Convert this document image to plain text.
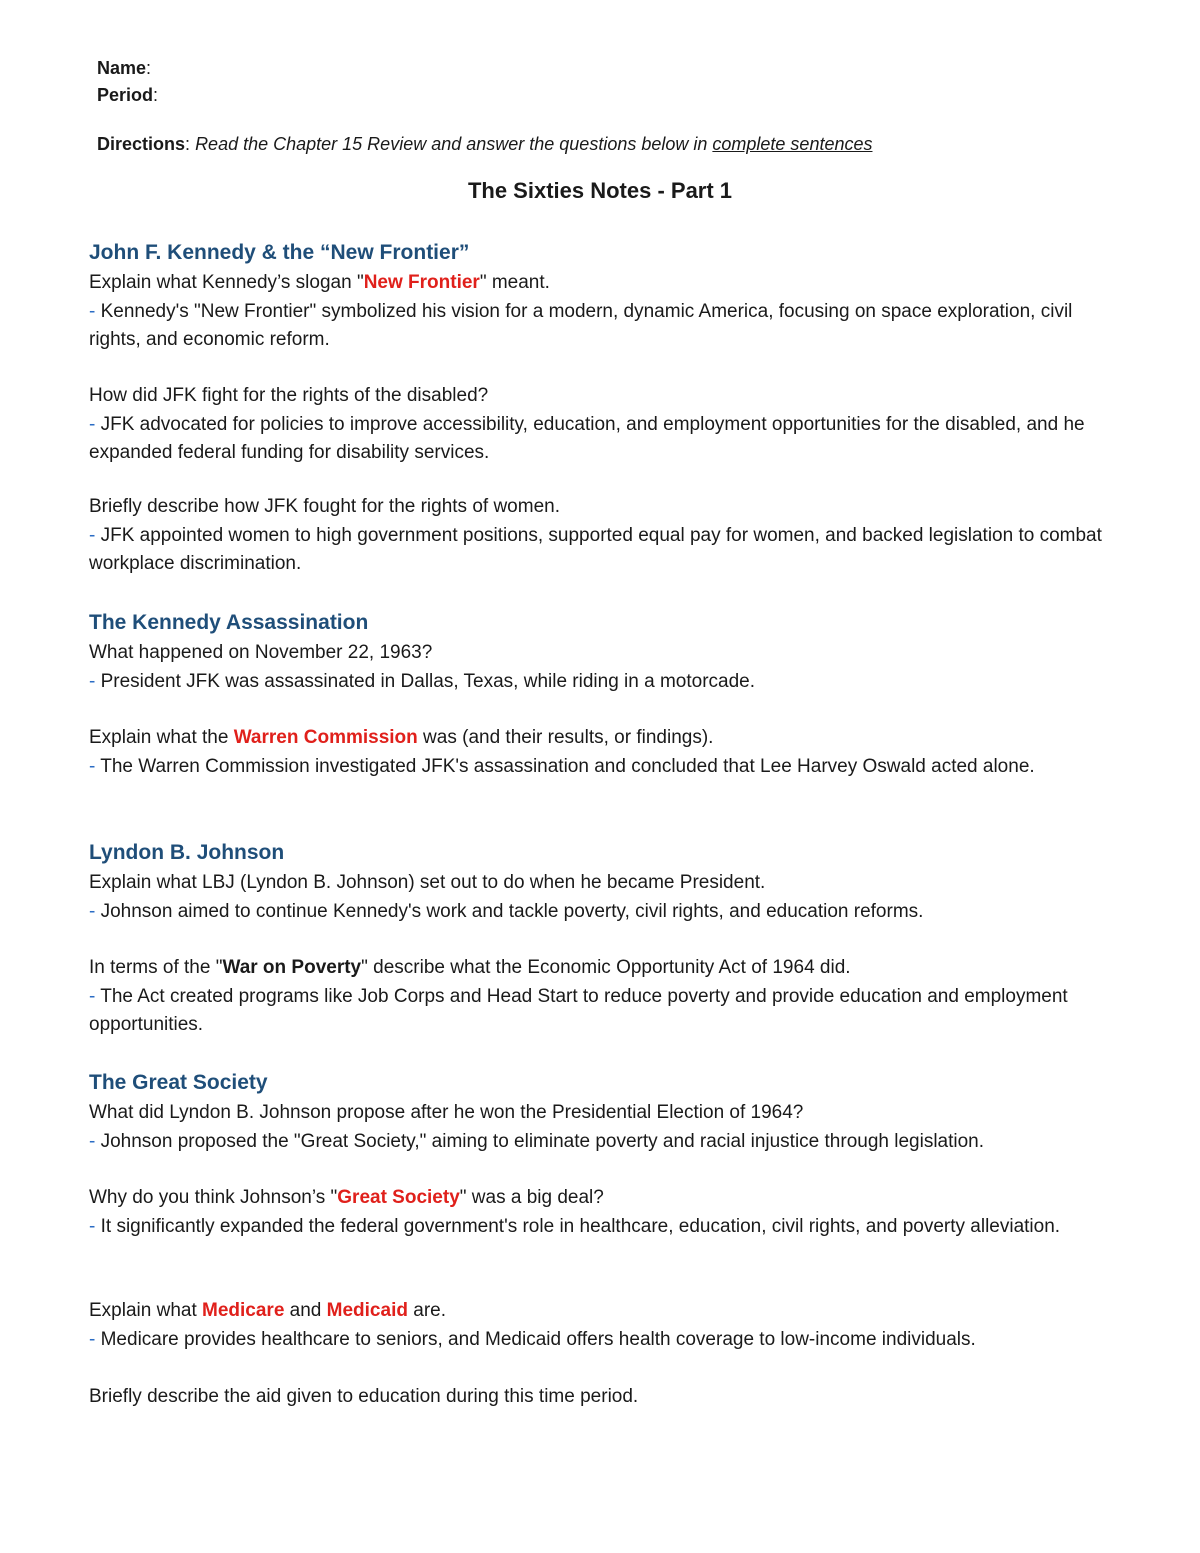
Name:
Period:
Directions: Read the Chapter 15 Review and answer the questions below in complete sentences
The Sixties Notes - Part 1

John F. Kennedy & the “New Frontier”

Explain what Kennedy’s slogan "New Frontier" meant.

- Kennedy's "New Frontier" symbolized his vision for a modern, dynamic America, focusing on space exploration, civil rights, and economic reform.

How did JFK fight for the rights of the disabled?

- JFK advocated for policies to improve accessibility, education, and employment opportunities for the disabled, and he expanded federal funding for disability services.

Briefly describe how JFK fought for the rights of women.

- JFK appointed women to high government positions, supported equal pay for women, and backed legislation to combat workplace discrimination.

The Kennedy Assassination

What happened on November 22, 1963?

- President JFK was assassinated in Dallas, Texas, while riding in a motorcade.

Explain what the Warren Commission was (and their results, or findings).

- The Warren Commission investigated JFK's assassination and concluded that Lee Harvey Oswald acted alone.

Lyndon B. Johnson

Explain what LBJ (Lyndon B. Johnson) set out to do when he became President.

- Johnson aimed to continue Kennedy's work and tackle poverty, civil rights, and education reforms.

In terms of the "War on Poverty" describe what the Economic Opportunity Act of 1964 did.

- The Act created programs like Job Corps and Head Start to reduce poverty and provide education and employment opportunities.

The Great Society

What did Lyndon B. Johnson propose after he won the Presidential Election of 1964?

- Johnson proposed the "Great Society," aiming to eliminate poverty and racial injustice through legislation.

Why do you think Johnson’s "Great Society" was a big deal?

- It significantly expanded the federal government's role in healthcare, education, civil rights, and poverty alleviation.

Explain what Medicare and Medicaid are.

- Medicare provides healthcare to seniors, and Medicaid offers health coverage to low-income individuals.

Briefly describe the aid given to education during this time period.
